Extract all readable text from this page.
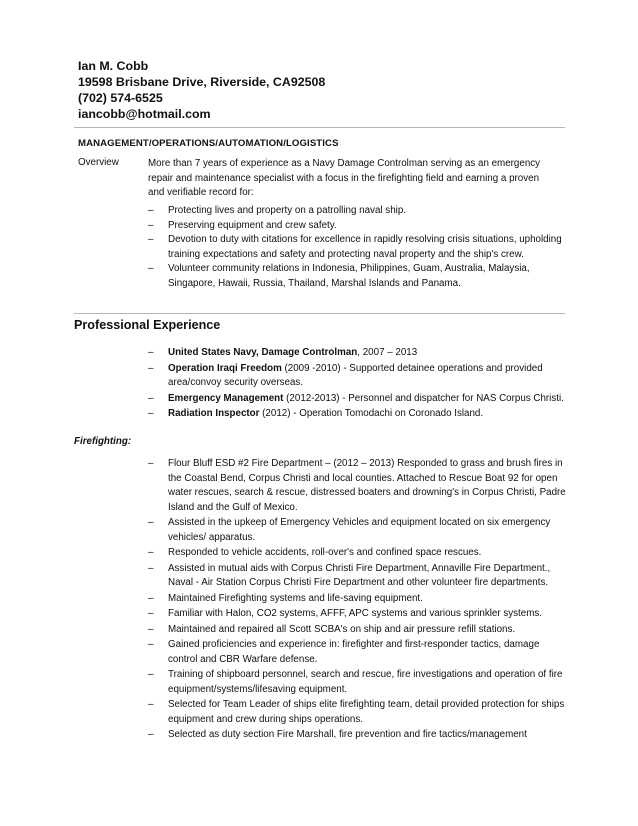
Ian M. Cobb
19598 Brisbane Drive, Riverside, CA92508
(702) 574-6525
iancobb@hotmail.com
MANAGEMENT/OPERATIONS/AUTOMATION/LOGISTICS
Overview	More than 7 years of experience as a Navy Damage Controlman serving as an emergency repair and maintenance specialist with a focus in the firefighting field and earning a proven and verifiable record for:
– Protecting lives and property on a patrolling naval ship.
– Preserving equipment and crew safety.
– Devotion to duty with citations for excellence in rapidly resolving crisis situations, upholding training expectations and safety and protecting naval property and the ship's crew.
– Volunteer community relations in Indonesia, Philippines, Guam, Australia, Malaysia, Singapore, Hawaii, Russia, Thailand, Marshal Islands and Panama.
Professional Experience
– United States Navy, Damage Controlman, 2007 – 2013
– Operation Iraqi Freedom (2009 -2010) - Supported detainee operations and provided area/convoy security overseas.
– Emergency Management (2012-2013) - Personnel and dispatcher for NAS Corpus Christi.
– Radiation Inspector (2012) - Operation Tomodachi on Coronado Island.
Firefighting:
– Flour Bluff ESD #2 Fire Department – (2012 – 2013) Responded to grass and brush fires in the Coastal Bend, Corpus Christi and local counties. Attached to Rescue Boat 92 for open water rescues, search & rescue, distressed boaters and drowning's in Corpus Christi, Padre Island and the Gulf of Mexico.
– Assisted in the upkeep of Emergency Vehicles and equipment located on six emergency vehicles/ apparatus.
– Responded to vehicle accidents, roll-over's and confined space rescues.
– Assisted in mutual aids with Corpus Christi Fire Department, Annaville Fire Department., Naval - Air Station Corpus Christi Fire Department and other volunteer fire departments.
– Maintained Firefighting systems and life-saving equipment.
– Familiar with Halon, CO2 systems, AFFF, APC systems and various sprinkler systems.
– Maintained and repaired all Scott SCBA's on ship and air pressure refill stations.
– Gained proficiencies and experience in: firefighter and first-responder tactics, damage control and CBR Warfare defense.
– Training of shipboard personnel, search and rescue, fire investigations and operation of fire equipment/systems/lifesaving equipment.
– Selected for Team Leader of ships elite firefighting team, detail provided protection for ships equipment and crew during ships operations.
– Selected as duty section Fire Marshall, fire prevention and fire tactics/management
